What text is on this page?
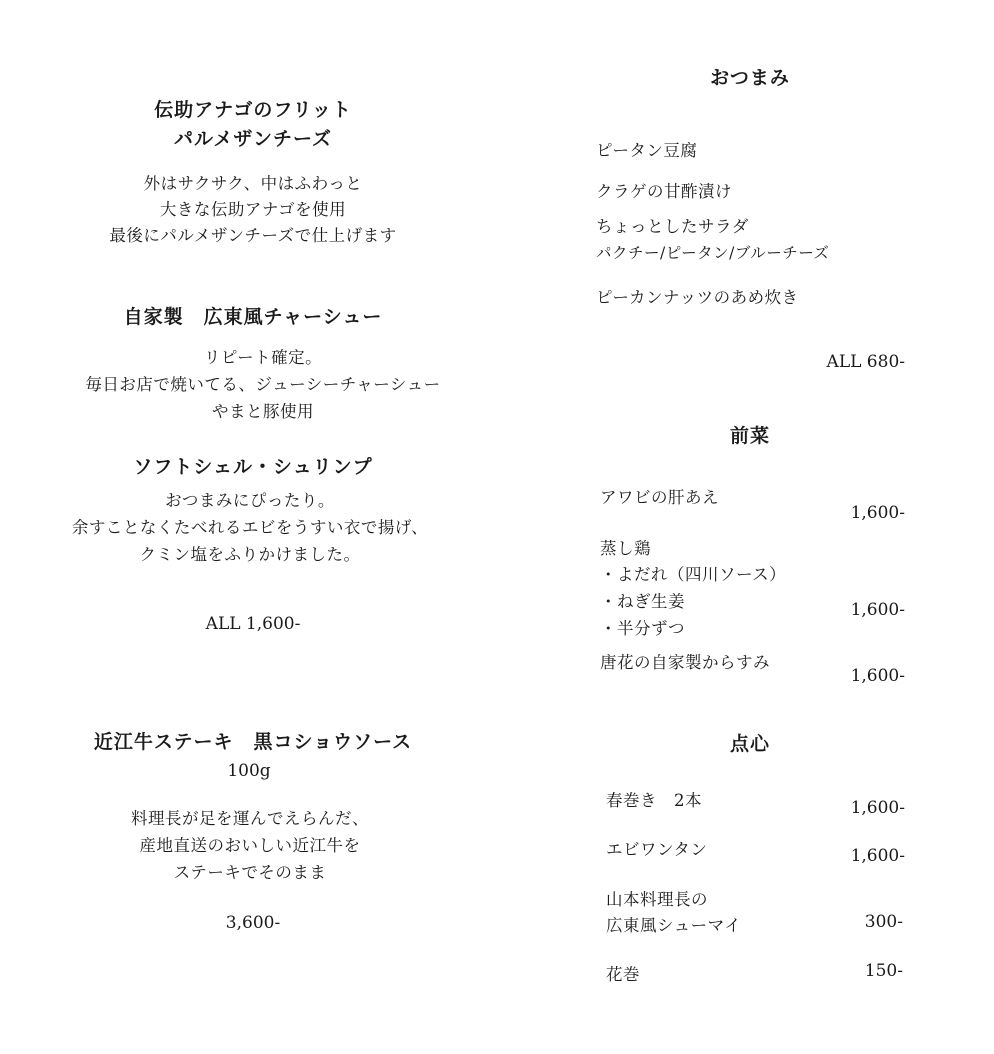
伝助アナゴのフリット
パルメザンチーズ
外はサクサク、中はふわっと
大きな伝助アナゴを使用
最後にパルメザンチーズで仕上げます
自家製　広東風チャーシュー
リピート確定。
毎日お店で焼いてる、ジューシーチャーシュー
やまと豚使用
ソフトシェル・シュリンプ
おつまみにぴったり。
余すことなくたべれるエビをうすい衣で揚げ、
クミン塩をふりかけました。
ALL 1,600-
近江牛ステーキ　黒コショウソース
100g
料理長が足を運んでえらんだ、
産地直送のおいしい近江牛を
ステーキでそのまま
3,600-
おつまみ
ピータン豆腐
クラゲの甘酢漬け
ちょっとしたサラダ
パクチー/ピータン/ブルーチーズ
ピーカンナッツのあめ炊き
ALL 680-
前菜
アワビの肝あえ
1,600-
蒸し鶏
・よだれ（四川ソース）
・ねぎ生姜
・半分ずつ
1,600-
唐花の自家製からすみ
1,600-
点心
春巻き　2本	1,600-
エビワンタン	1,600-
山本料理長の
広東風シューマイ	300-
花巻	150-
